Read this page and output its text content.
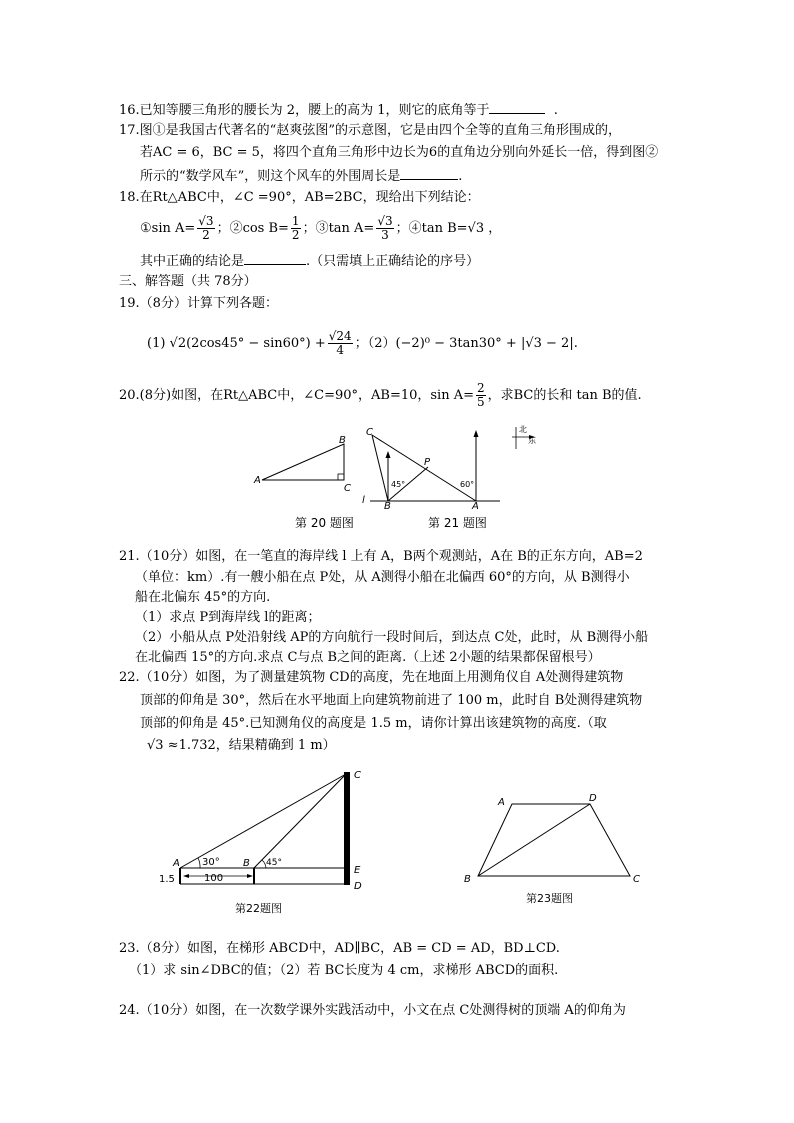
16.已知等腰三角形的腰长为 2，腰上的高为 1，则它的底角等于	.
17.图①是我国古代著名的“赵爽弦图”的示意图，它是由四个全等的直角三角形围成的，
若AC = 6，BC = 5，将四个直角三角形中边长为6的直角边分别向外延长一倍，得到图②
所示的“数学风车”，则这个风车的外围周长是	.
18.在Rt△ABC中，∠C =90°，AB=2BC，现给出下列结论：
①sin $A= \frac{√3}{2}$ ；②cos $B= \frac{1}{2}$ ；③tan $A= \frac{√3}{3}$ ；④tan B=√3 ，
其中正确的结论是	.（只需填上正确结论的序号）
三、解答题（共 78分）
19.（8分）计算下列各题：
(1) $√2(2\cos 45^\circ - \sin 60^\circ) + \frac{√24}{4}$ ；（2）(−2)⁰ − 3tan30° + |√3 − 2|.
20.(8分)如图，在Rt△ABC中，∠C=90°，AB=10，$\sin A= \frac{2}{5}$ ，求BC的长和 tan B的值.
A
B
C
第 20 题图
C
P
B	A
l
45°	60°
北
东
第 21 题图
21.（10分）如图，在一笔直的海岸线 l 上有 A，B两个观测站，A在 B的正东方向，AB=2
（单位：km）.有一艘小船在点 P处，从 A测得小船在北偏西 60°的方向，从 B测得小
船在北偏东 45°的方向.
（1）求点 P到海岸线 l的距离；
（2）小船从点 P处沿射线 AP的方向航行一段时间后，到达点 C处，此时，从 B测得小船
在北偏西 15°的方向.求点 C与点 B之间的距离.（上述 2小题的结果都保留根号）
22.（10分）如图，为了测量建筑物 CD的高度，先在地面上用测角仪自 A处测得建筑物
顶部的仰角是 30°，然后在水平地面上向建筑物前进了 100 m，此时自 B处测得建筑物
顶部的仰角是 45°.已知测角仪的高度是 1.5 m，请你计算出该建筑物的高度.（取
√3 ≈1.732，结果精确到 1 m）
A	B
C
E
D
30°	45°
1.5	100
第22题图
A	D
B	C
第23题图
23.（8分）如图，在梯形 ABCD中，AD∥BC，AB = CD = AD，BD⊥CD.
（1）求 sin∠DBC的值；（2）若 BC长度为 4 cm，求梯形 ABCD的面积.
24.（10分）如图，在一次数学课外实践活动中，小文在点 C处测得树的顶端 A的仰角为
